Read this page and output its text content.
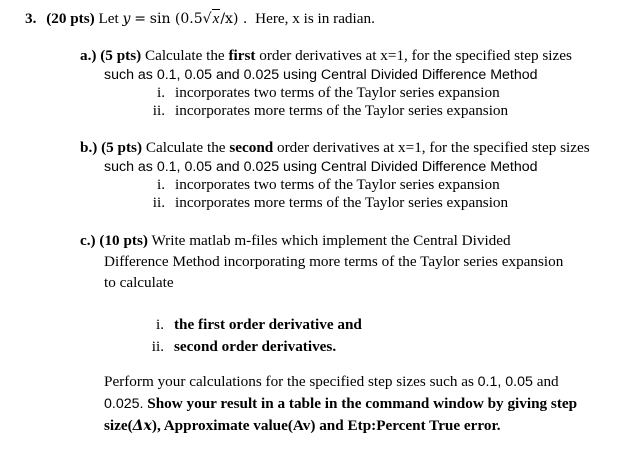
3. (20 pts) Let y = sin (0.5√x/x) . Here, x is in radian.
a.) (5 pts) Calculate the first order derivatives at x=1, for the specified step sizes
such as 0.1, 0.05 and 0.025 using Central Divided Difference Method
i. incorporates two terms of the Taylor series expansion
ii. incorporates more terms of the Taylor series expansion
b.) (5 pts) Calculate the second order derivatives at x=1, for the specified step sizes
such as 0.1, 0.05 and 0.025 using Central Divided Difference Method
i. incorporates two terms of the Taylor series expansion
ii. incorporates more terms of the Taylor series expansion
c.) (10 pts) Write matlab m-files which implement the Central Divided
Difference Method incorporating more terms of the Taylor series expansion
to calculate
i. the first order derivative and
ii. second order derivatives.
Perform your calculations for the specified step sizes such as 0.1, 0.05 and
0.025. Show your result in a table in the command window by giving step
size(Δx), Approximate value(Av) and Etp:Percent True error.
